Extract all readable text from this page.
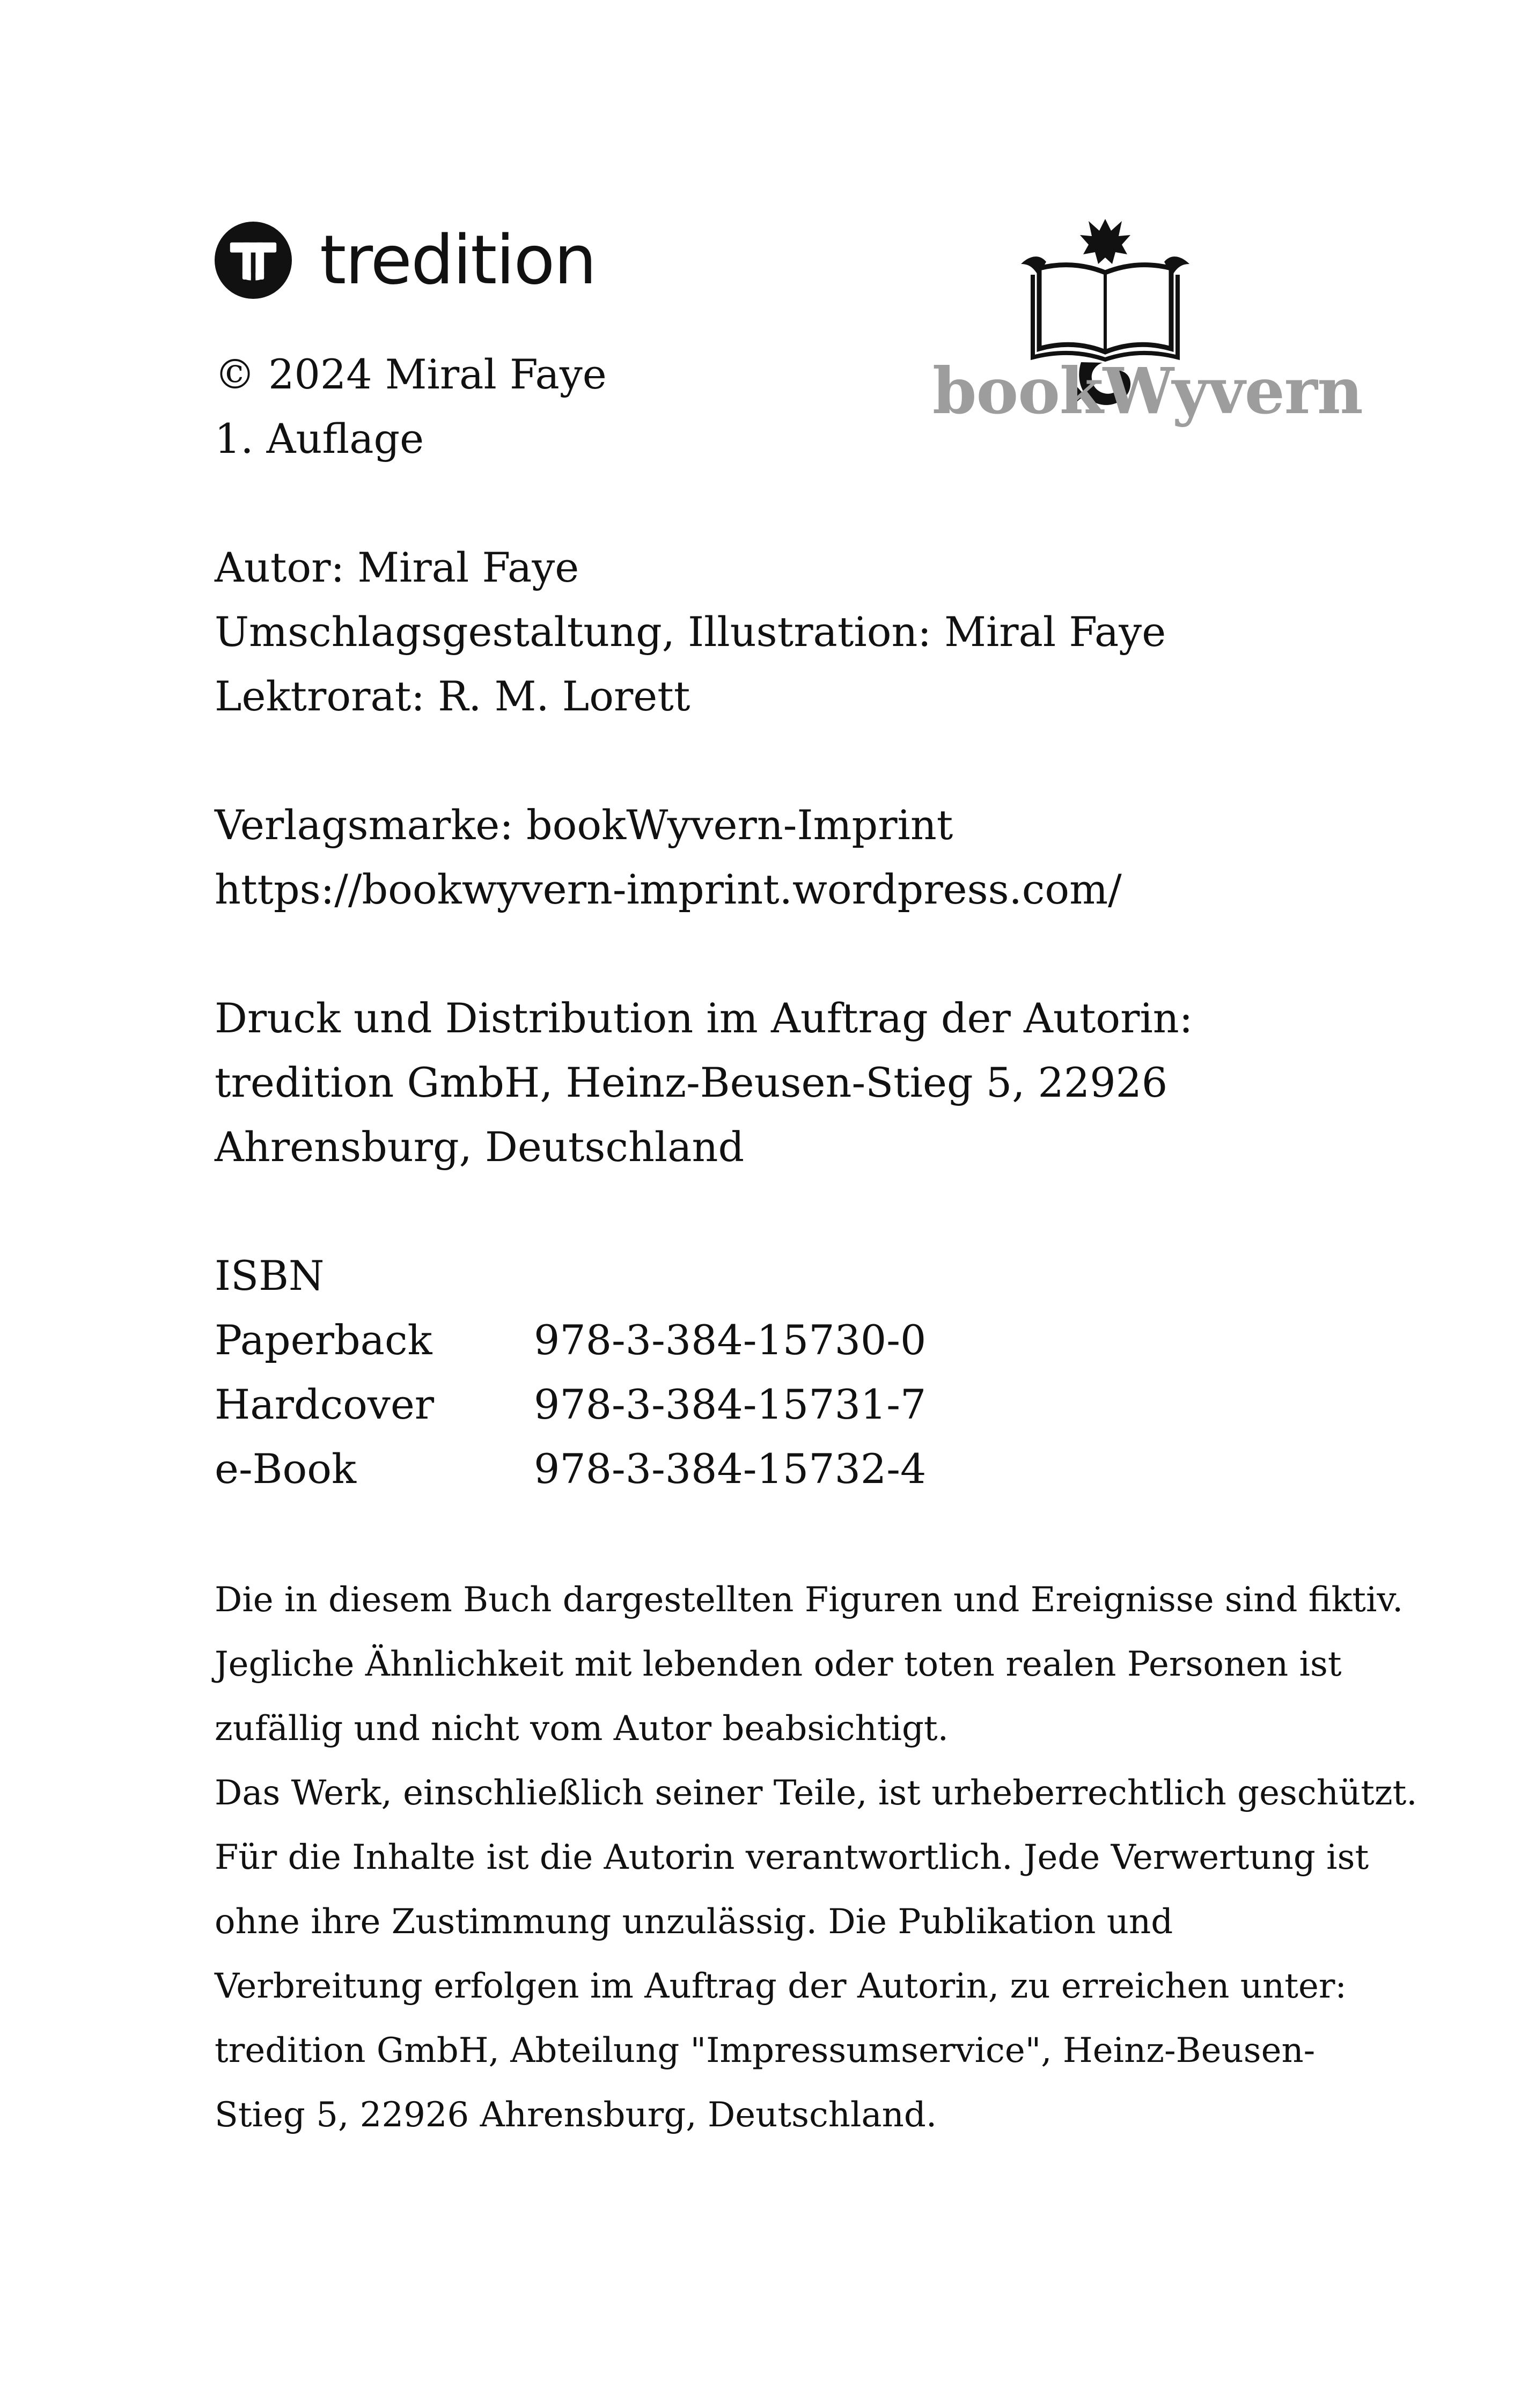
tredition
bookWyvern
© 2024 Miral Faye
1. Auflage
Autor: Miral Faye
Umschlagsgestaltung, Illustration: Miral Faye
Lektrorat: R. M. Lorett
Verlagsmarke: bookWyvern-Imprint
https://bookwyvern-imprint.wordpress.com/
Druck und Distribution im Auftrag der Autorin:
tredition GmbH, Heinz-Beusen-Stieg 5, 22926
Ahrensburg, Deutschland
ISBN
Paperback 978-3-384-15730-0
Hardcover 978-3-384-15731-7
e-Book	978-3-384-15732-4
Die in diesem Buch dargestellten Figuren und Ereignisse sind fiktiv.
Jegliche Ähnlichkeit mit lebenden oder toten realen Personen ist
zufällig und nicht vom Autor beabsichtigt.
Das Werk, einschließlich seiner Teile, ist urheberrechtlich geschützt.
Für die Inhalte ist die Autorin verantwortlich. Jede Verwertung ist
ohne ihre Zustimmung unzulässig. Die Publikation und
Verbreitung erfolgen im Auftrag der Autorin, zu erreichen unter:
tredition GmbH, Abteilung "Impressumservice", Heinz-Beusen-
Stieg 5, 22926 Ahrensburg, Deutschland.
